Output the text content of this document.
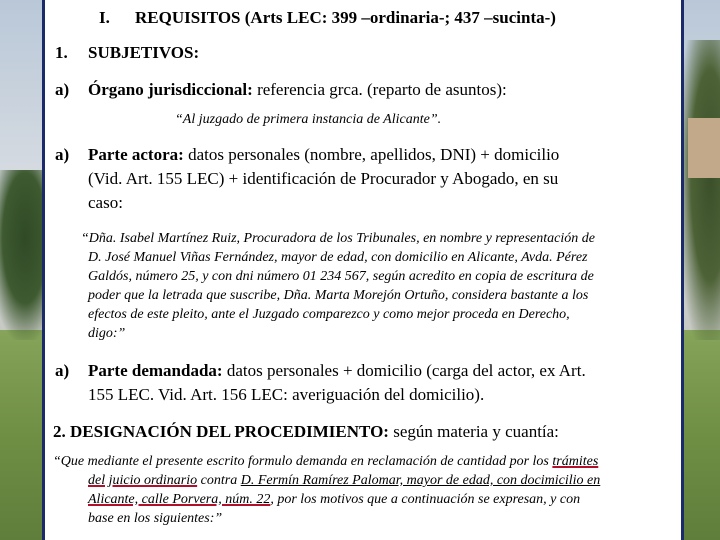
I. REQUISITOS (Arts LEC: 399 –ordinaria-; 437 –sucinta-)
1. SUBJETIVOS:
a) Órgano jurisdiccional: referencia grca. (reparto de asuntos):
“Al juzgado de primera instancia de Alicante”.
a) Parte actora: datos personales (nombre, apellidos, DNI) + domicilio
(Vid. Art. 155 LEC) + identificación de Procurador y Abogado, en su
caso:
“Dña. Isabel Martínez Ruiz, Procuradora de los Tribunales, en nombre y representación de
D. José Manuel Viñas Fernández, mayor de edad, con domicilio en Alicante, Avda. Pérez
Galdós, número 25, y con dni número 01 234 567, según acredito en copia de escritura de
poder que la letrada que suscribe, Dña. Marta Morejón Ortuño, considera bastante a los
efectos de este pleito, ante el Juzgado comparezco y como mejor proceda en Derecho,
digo:”
a) Parte demandada: datos personales + domicilio (carga del actor, ex Art.
155 LEC. Vid. Art. 156 LEC: averiguación del domicilio).
2. DESIGNACIÓN DEL PROCEDIMIENTO: según materia y cuantía:
“Que mediante el presente escrito formulo demanda en reclamación de cantidad por los trámites
del juicio ordinario contra D. Fermín Ramírez Palomar, mayor de edad, con docimicilio en
Alicante, calle Porvera, núm. 22, por los motivos que a continuación se expresan, y con
base en los siguientes:”
